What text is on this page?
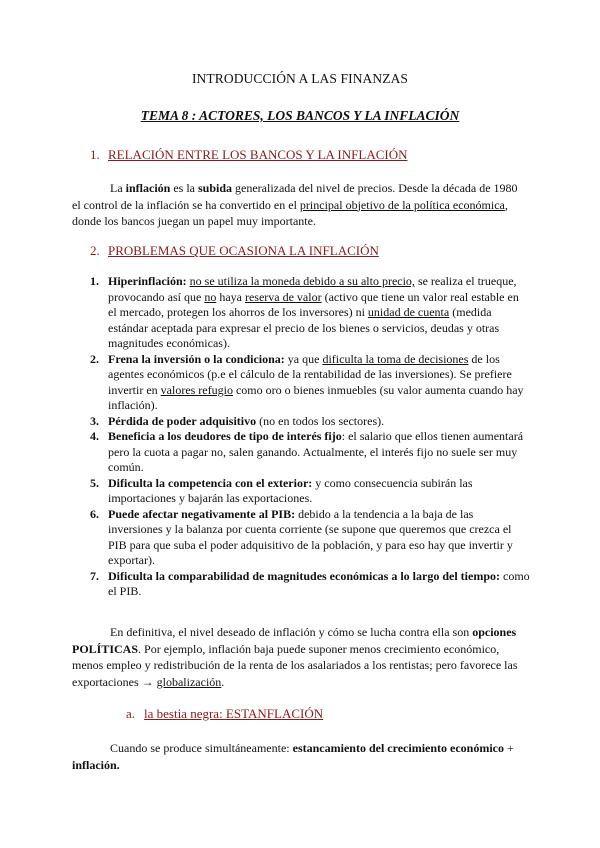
INTRODUCCIÓN A LAS FINANZAS
TEMA 8 : ACTORES, LOS BANCOS Y LA INFLACIÓN
1. RELACIÓN ENTRE LOS BANCOS Y LA INFLACIÓN
La inflación es la subida generalizada del nivel de precios. Desde la década de 1980 el control de la inflación se ha convertido en el principal objetivo de la política económica, donde los bancos juegan un papel muy importante.
2. PROBLEMAS QUE OCASIONA LA INFLACIÓN
1. Hiperinflación: no se utiliza la moneda debido a su alto precio, se realiza el trueque, provocando así que no haya reserva de valor (activo que tiene un valor real estable en el mercado, protegen los ahorros de los inversores) ni unidad de cuenta (medida estándar aceptada para expresar el precio de los bienes o servicios, deudas y otras magnitudes económicas).
2. Frena la inversión o la condiciona: ya que dificulta la toma de decisiones de los agentes económicos (p.e el cálculo de la rentabilidad de las inversiones). Se prefiere invertir en valores refugio como oro o bienes inmuebles (su valor aumenta cuando hay inflación).
3. Pérdida de poder adquisitivo (no en todos los sectores).
4. Beneficia a los deudores de tipo de interés fijo: el salario que ellos tienen aumentará pero la cuota a pagar no, salen ganando. Actualmente, el interés fijo no suele ser muy común.
5. Dificulta la competencia con el exterior: y como consecuencia subirán las importaciones y bajarán las exportaciones.
6. Puede afectar negativamente al PIB: debido a la tendencia a la baja de las inversiones y la balanza por cuenta corriente (se supone que queremos que crezca el PIB para que suba el poder adquisitivo de la población, y para eso hay que invertir y exportar).
7. Dificulta la comparabilidad de magnitudes económicas a lo largo del tiempo: como el PIB.
En definitiva, el nivel deseado de inflación y cómo se lucha contra ella son opciones POLÍTICAS. Por ejemplo, inflación baja puede suponer menos crecimiento económico, menos empleo y redistribución de la renta de los asalariados a los rentistas; pero favorece las exportaciones → globalización.
a. la bestia negra: ESTANFLACIÓN
Cuando se produce simultáneamente: estancamiento del crecimiento económico + inflación.
